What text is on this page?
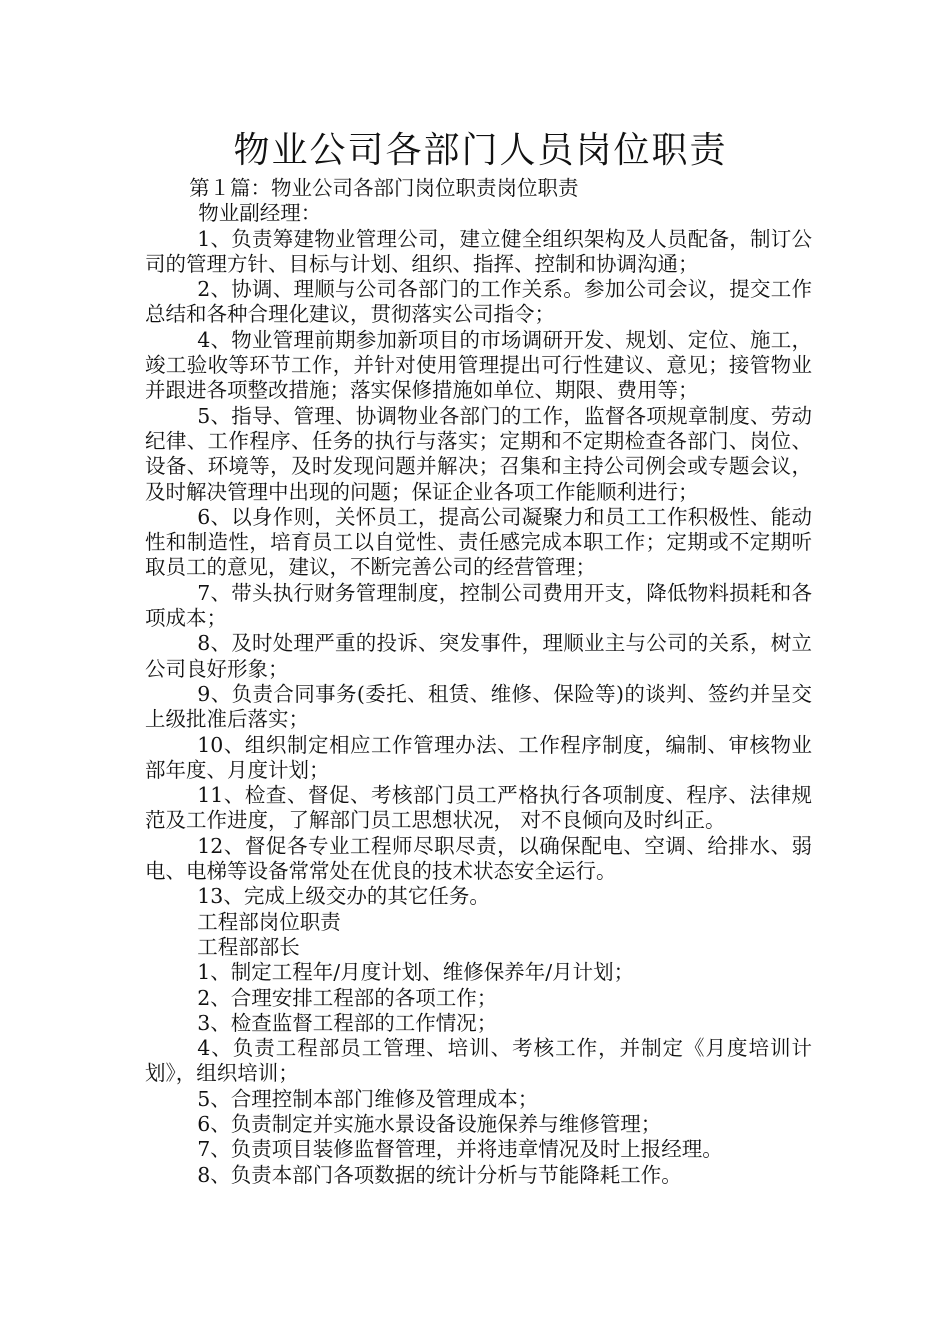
物业公司各部门人员岗位职责

第１篇：物业公司各部门岗位职责岗位职责

物业副经理：

1、负责筹建物业管理公司，建立健全组织架构及人员配备，制订公司的管理方针、目标与计划、组织、指挥、控制和协调沟通；

2、协调、理顺与公司各部门的工作关系。参加公司会议，提交工作总结和各种合理化建议，贯彻落实公司指令；

4、物业管理前期参加新项目的市场调研开发、规划、定位、施工，竣工验收等环节工作，并针对使用管理提出可行性建议、意见；接管物业并跟进各项整改措施；落实保修措施如单位、期限、费用等；

5、指导、管理、协调物业各部门的工作，监督各项规章制度、劳动纪律、工作程序、任务的执行与落实；定期和不定期检查各部门、岗位、设备、环境等，及时发现问题并解决；召集和主持公司例会或专题会议，及时解决管理中出现的问题；保证企业各项工作能顺利进行；

6、以身作则，关怀员工，提高公司凝聚力和员工工作积极性、能动性和制造性，培育员工以自觉性、责任感完成本职工作；定期或不定期听取员工的意见，建议，不断完善公司的经营管理；

7、带头执行财务管理制度，控制公司费用开支，降低物料损耗和各项成本；

8、及时处理严重的投诉、突发事件，理顺业主与公司的关系，树立公司良好形象；

9、负责合同事务(委托、租赁、维修、保险等)的谈判、签约并呈交上级批准后落实；

10、组织制定相应工作管理办法、工作程序制度，编制、审核物业部年度、月度计划；

11、检查、督促、考核部门员工严格执行各项制度、程序、法律规范及工作进度，了解部门员工思想状况， 对不良倾向及时纠正。

12、督促各专业工程师尽职尽责，以确保配电、空调、给排水、弱电、电梯等设备常常处在优良的技术状态安全运行。

13、完成上级交办的其它任务。

工程部岗位职责

工程部部长

1、制定工程年/月度计划、维修保养年/月计划；

2、合理安排工程部的各项工作；

3、检查监督工程部的工作情况；

4、负责工程部员工管理、培训、考核工作，并制定《月度培训计划》，组织培训；

5、合理控制本部门维修及管理成本；

6、负责制定并实施水景设备设施保养与维修管理；

7、负责项目装修监督管理，并将违章情况及时上报经理。

8、负责本部门各项数据的统计分析与节能降耗工作。
